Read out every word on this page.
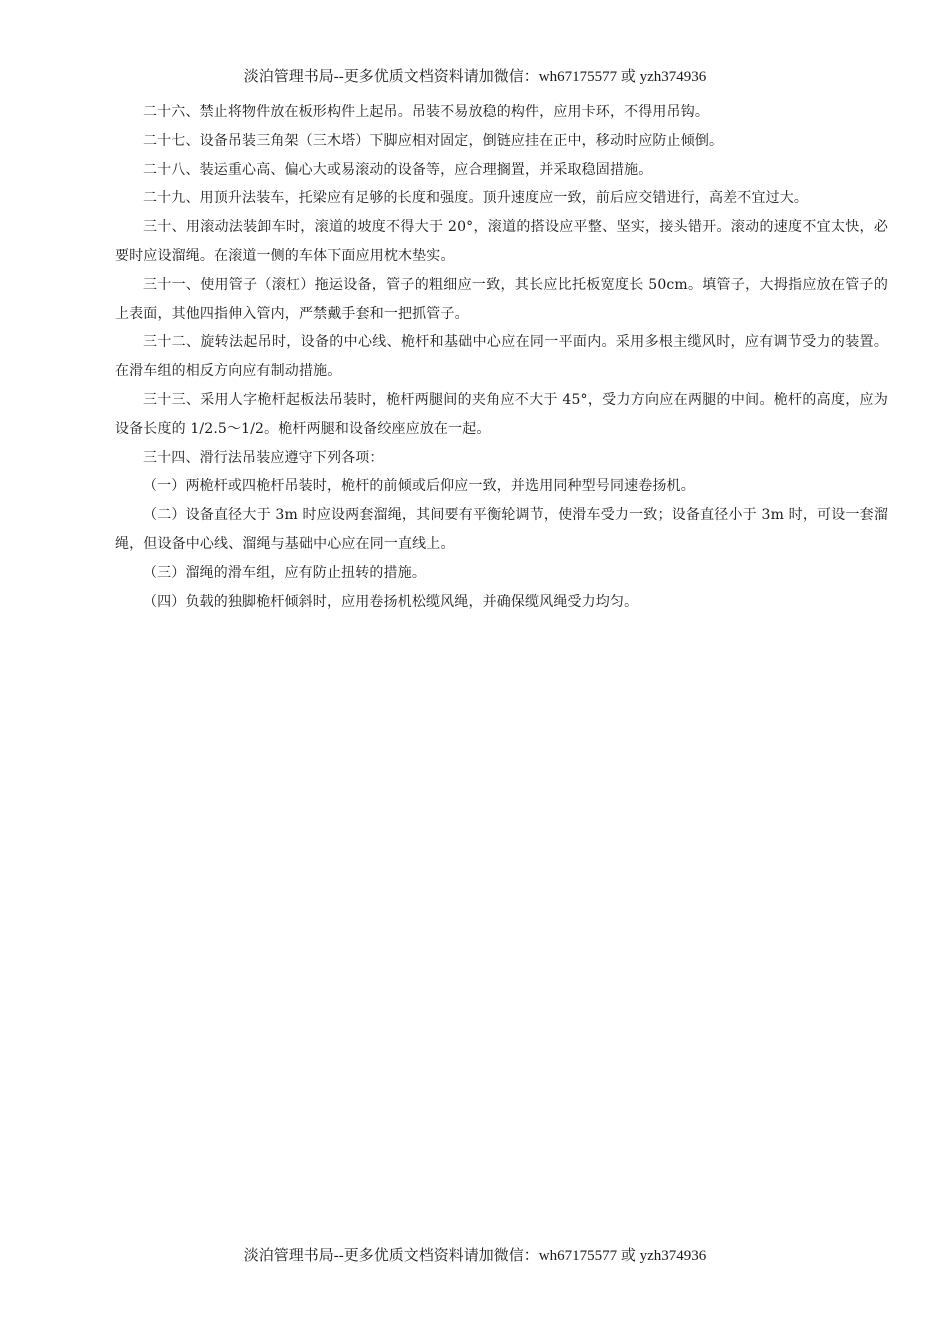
淡泊管理书局--更多优质文档资料请加微信：wh67175577 或 yzh374936

二十六、禁止将物件放在板形构件上起吊。吊装不易放稳的构件，应用卡环，不得用吊钩。

二十七、设备吊装三角架（三木塔）下脚应相对固定，倒链应挂在正中，移动时应防止倾倒。

二十八、装运重心高、偏心大或易滚动的设备等，应合理搁置，并采取稳固措施。

二十九、用顶升法装车，托梁应有足够的长度和强度。顶升速度应一致，前后应交错进行，高差不宜过大。

三十、用滚动法装卸车时，滚道的坡度不得大于 20°，滚道的搭设应平整、坚实，接头错开。滚动的速度不宜太快，必要时应设溜绳。在滚道一侧的车体下面应用枕木垫实。

三十一、使用管子（滚杠）拖运设备，管子的粗细应一致，其长应比托板宽度长 50cm。填管子，大拇指应放在管子的上表面，其他四指伸入管内，严禁戴手套和一把抓管子。

三十二、旋转法起吊时，设备的中心线、桅杆和基础中心应在同一平面内。采用多根主缆风时，应有调节受力的装置。在滑车组的相反方向应有制动措施。

三十三、采用人字桅杆起板法吊装时，桅杆两腿间的夹角应不大于 45°，受力方向应在两腿的中间。桅杆的高度，应为设备长度的 1/2.5～1/2。桅杆两腿和设备绞座应放在一起。

三十四、滑行法吊装应遵守下列各项：

（一）两桅杆或四桅杆吊装时，桅杆的前倾或后仰应一致，并选用同种型号同速卷扬机。

（二）设备直径大于 3m 时应设两套溜绳，其间要有平衡轮调节，使滑车受力一致；设备直径小于 3m 时，可设一套溜绳，但设备中心线、溜绳与基础中心应在同一直线上。

（三）溜绳的滑车组，应有防止扭转的措施。

（四）负载的独脚桅杆倾斜时，应用卷扬机松缆风绳，并确保缆风绳受力均匀。

淡泊管理书局--更多优质文档资料请加微信：wh67175577 或 yzh374936
